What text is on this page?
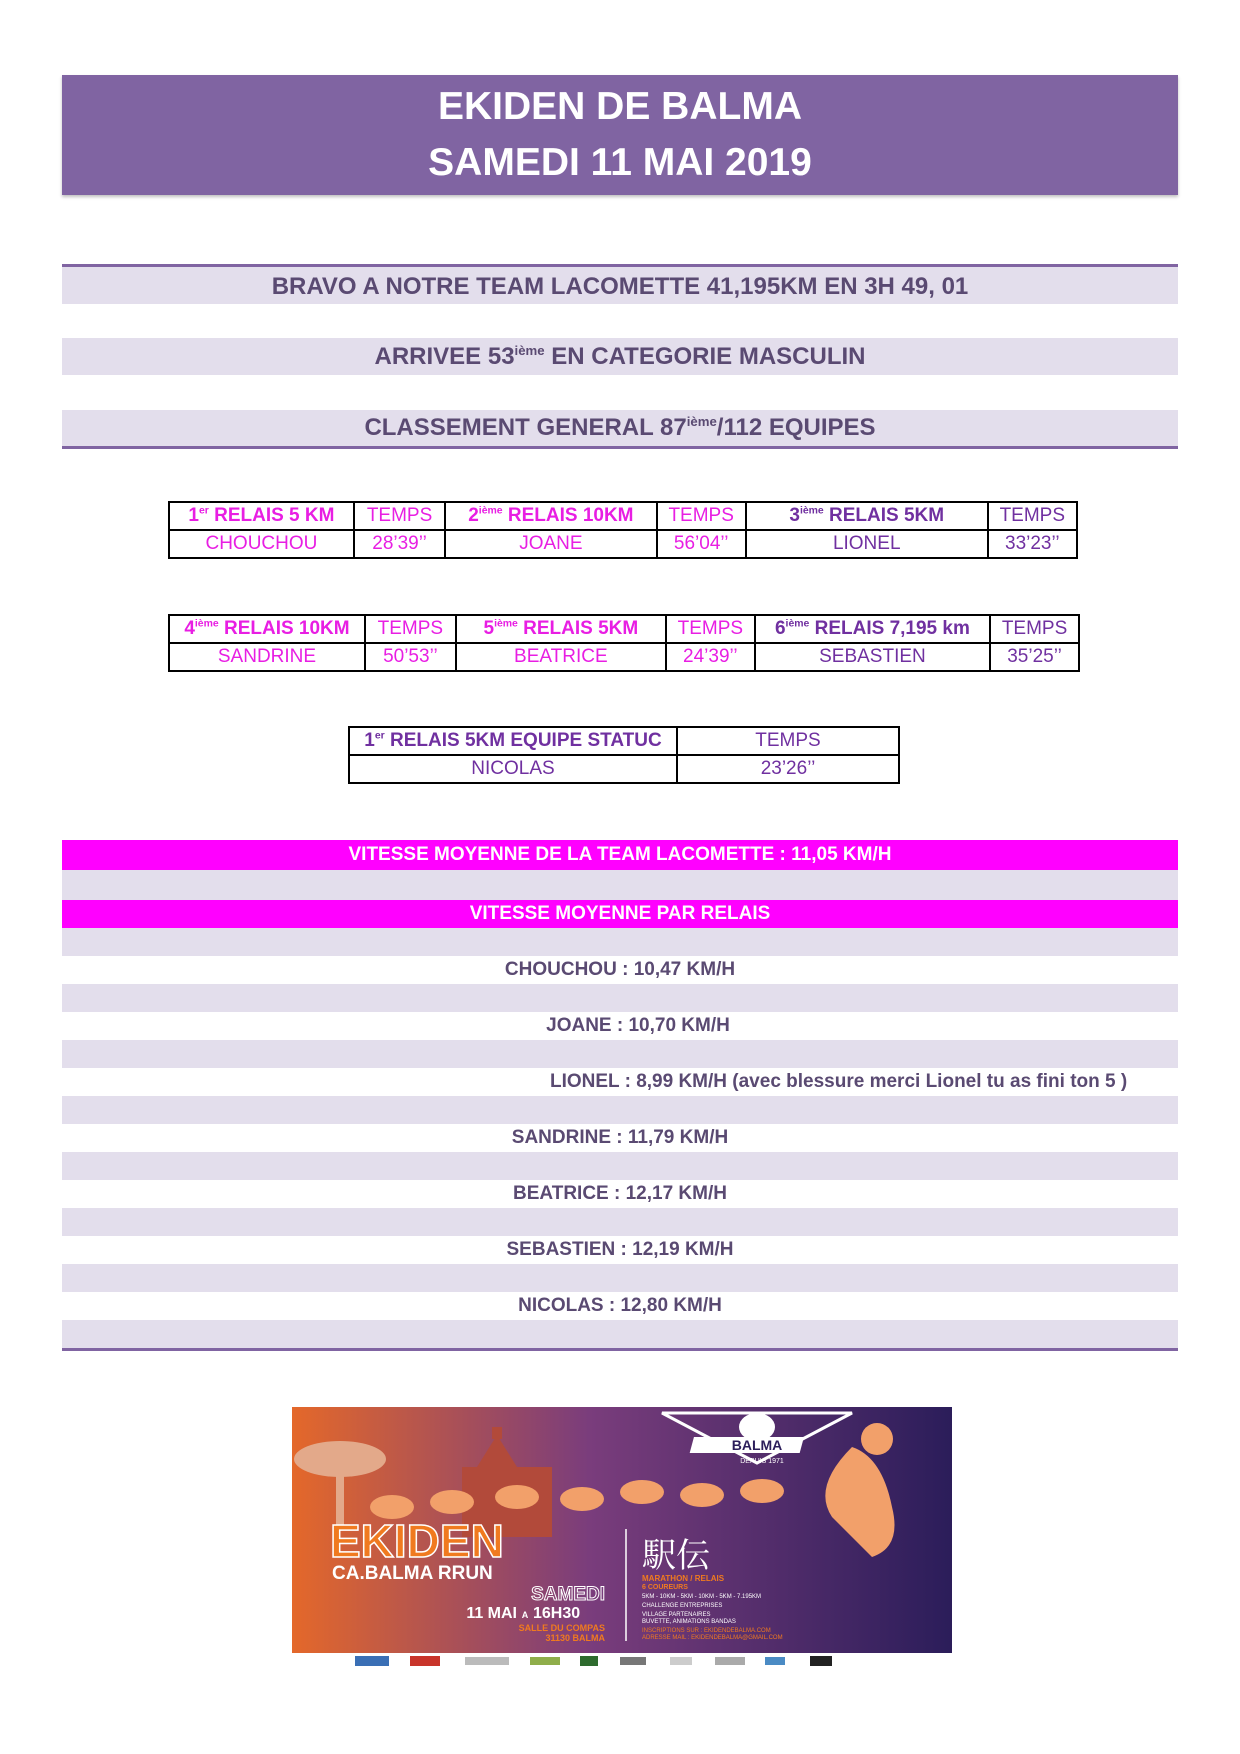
EKIDEN DE BALMA
SAMEDI 11 MAI 2019
BRAVO A NOTRE TEAM LACOMETTE 41,195KM EN 3H 49, 01
ARRIVEE 53ième EN CATEGORIE MASCULIN
CLASSEMENT GENERAL 87ième/112 EQUIPES
1er RELAIS 5 KM	TEMPS	2ième RELAIS 10KM	TEMPS	3ième RELAIS 5KM	TEMPS
CHOUCHOU	28’39’’	JOANE	56’04’’	LIONEL	33’23’’
4ième RELAIS 10KM	TEMPS	5ième RELAIS 5KM	TEMPS	6ième RELAIS 7,195 km	TEMPS
SANDRINE	50’53’’	BEATRICE	24’39’’	SEBASTIEN	35’25’’
1er RELAIS 5KM EQUIPE STATUC	TEMPS
NICOLAS	23’26’’
VITESSE MOYENNE DE LA TEAM LACOMETTE : 11,05 KM/H
VITESSE MOYENNE PAR RELAIS
CHOUCHOU : 10,47 KM/H
JOANE : 10,70 KM/H
LIONEL : 8,99 KM/H (avec blessure merci Lionel tu as fini ton 5 )
SANDRINE : 11,79 KM/H
BEATRICE : 12,17 KM/H
SEBASTIEN : 12,19 KM/H
NICOLAS : 12,80 KM/H
BALMA
DEPUIS 1971
EKIDEN
CA.BALMA RRUN
SAMEDI
11 MAI A 16H30
SALLE DU COMPAS
31130 BALMA
駅伝
MARATHON / RELAIS
6 COUREURS
5KM - 10KM - 5KM - 10KM - 5KM - 7.195KM
CHALLENGE ENTREPRISES
VILLAGE PARTENAIRES
BUVETTE, ANIMATIONS BANDAS
INSCRIPTIONS SUR : EKIDENDEBALMA.COM
ADRESSE MAIL : EKIDENDEBALMA@GMAIL.COM
